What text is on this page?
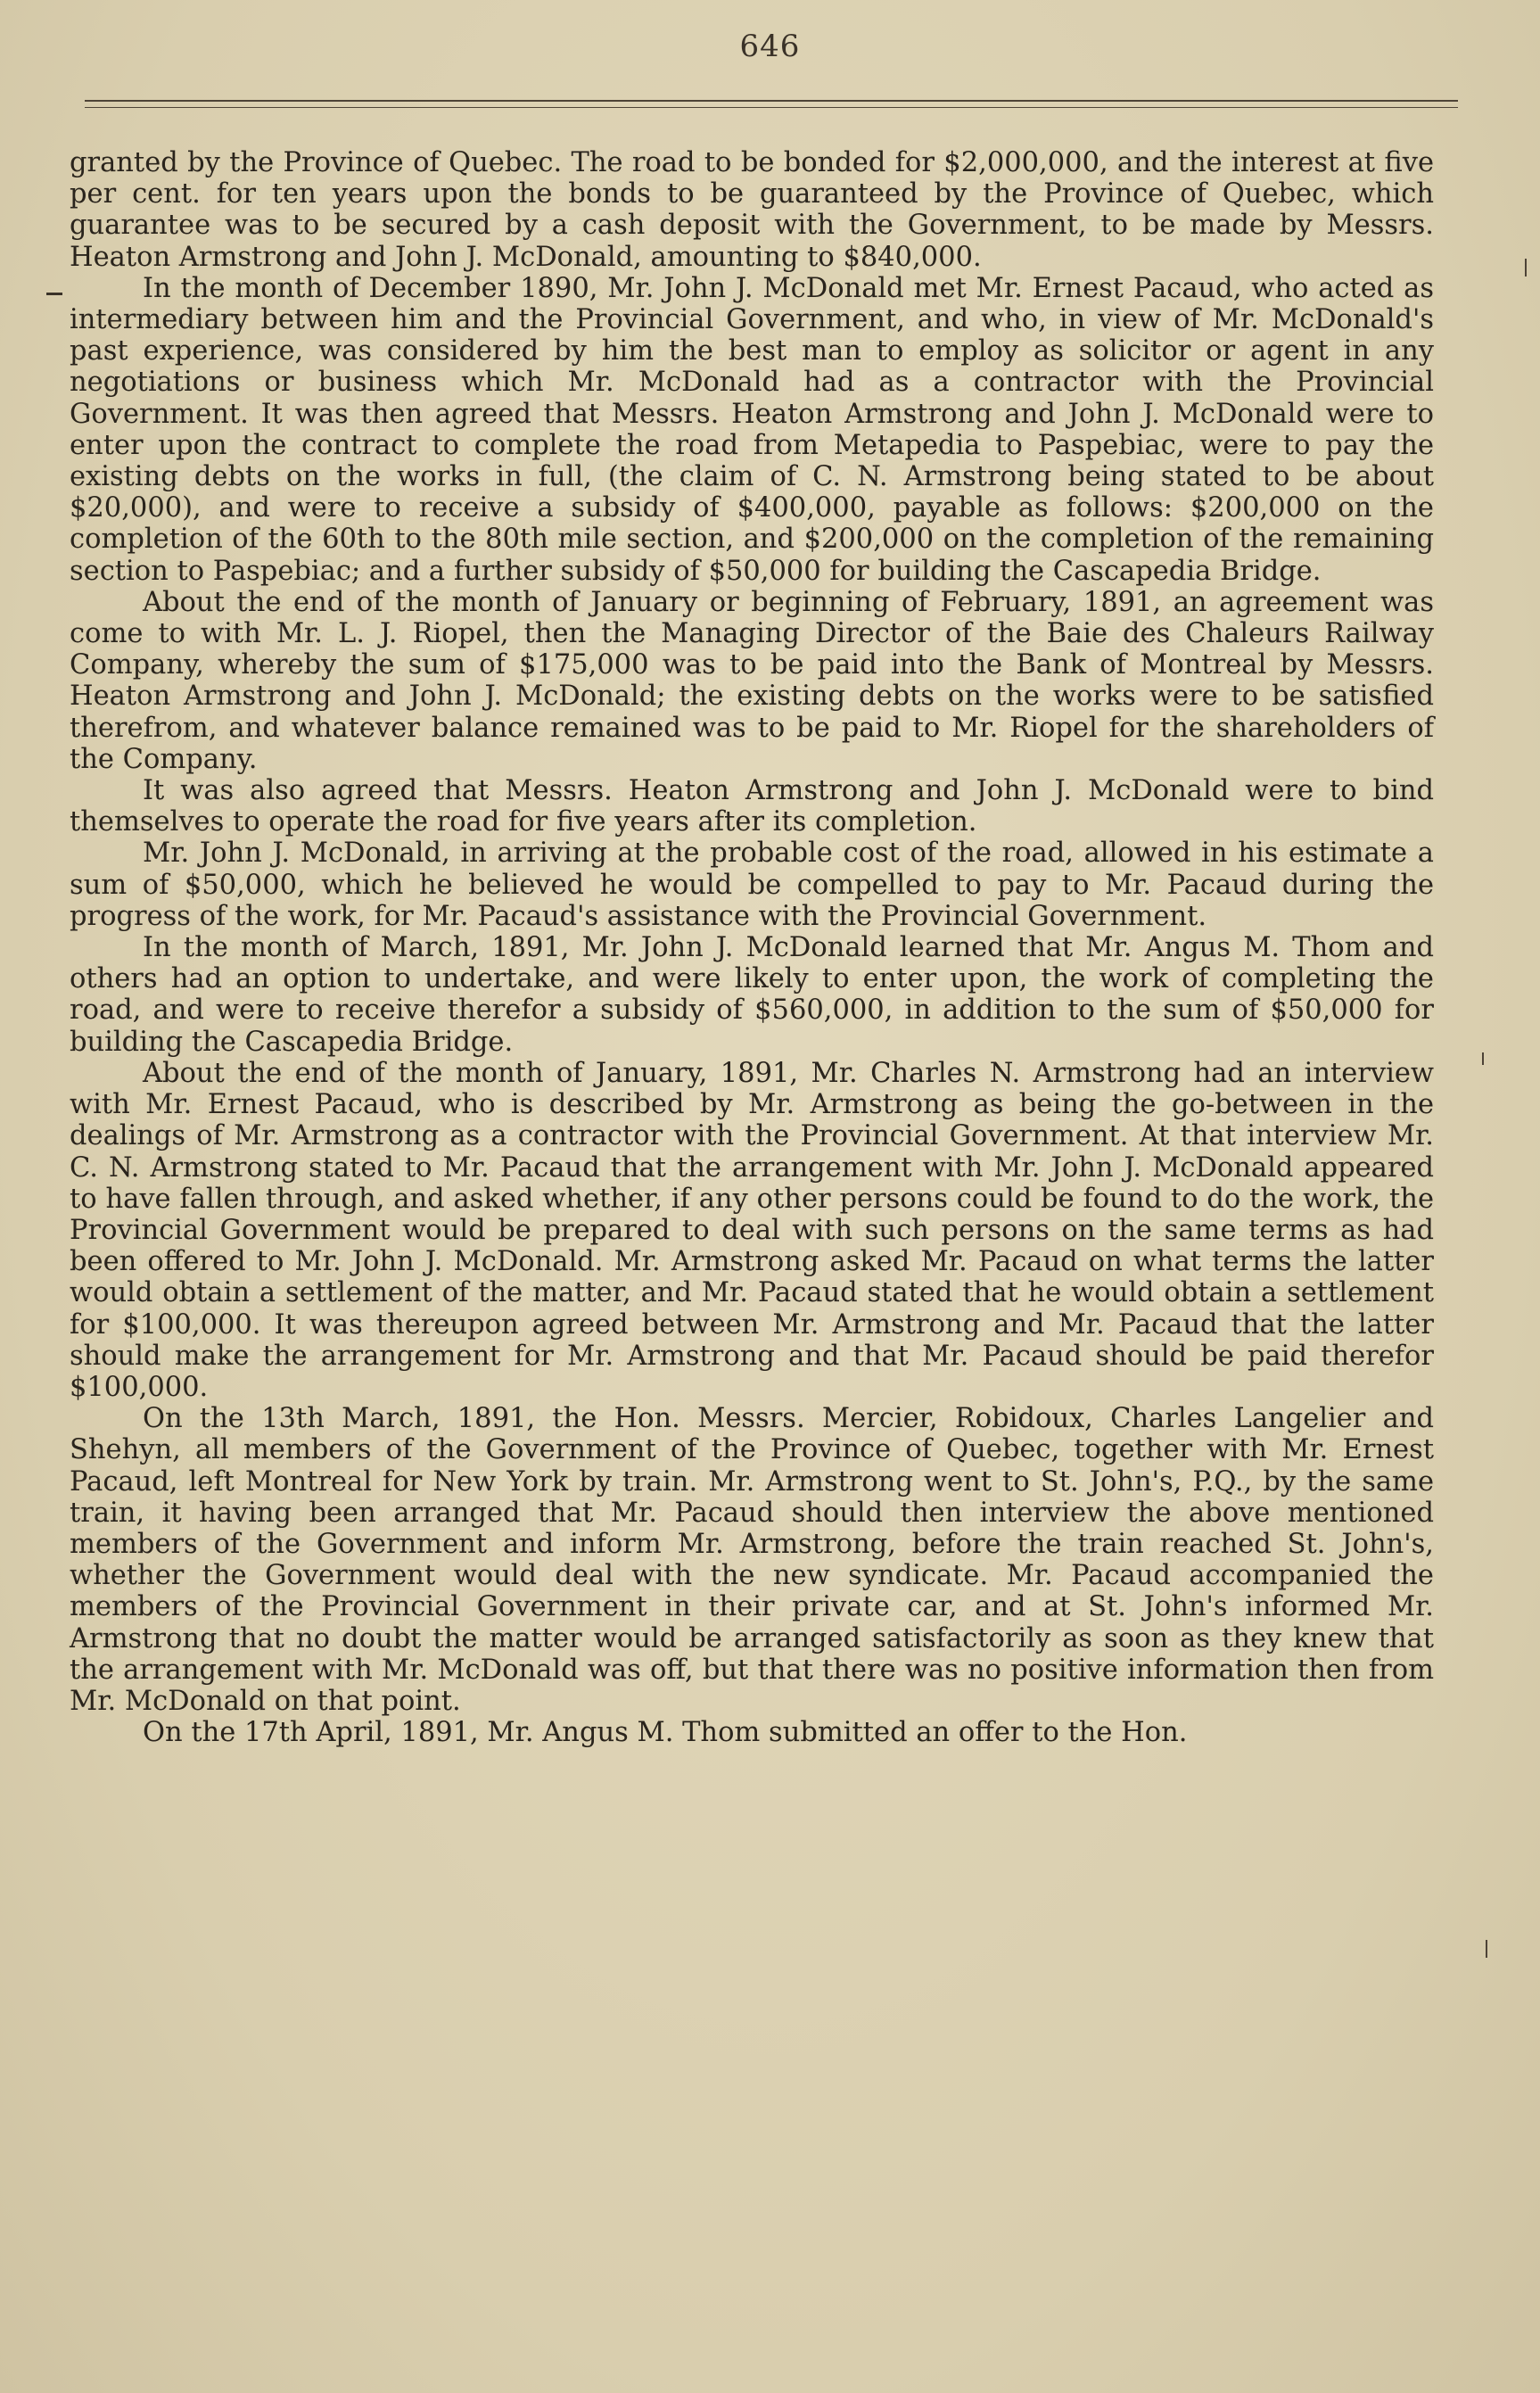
646

granted by the Province of Quebec. The road to be bonded for $2,000,000, and the interest at five per cent. for ten years upon the bonds to be guaranteed by the Province of Quebec, which guarantee was to be secured by a cash deposit with the Government, to be made by Messrs. Heaton Armstrong and John J. McDonald, amounting to $840,000.

In the month of December 1890, Mr. John J. McDonald met Mr. Ernest Pacaud, who acted as intermediary between him and the Provincial Government, and who, in view of Mr. McDonald's past experience, was considered by him the best man to employ as solicitor or agent in any negotiations or business which Mr. McDonald had as a contractor with the Provincial Government. It was then agreed that Messrs. Heaton Armstrong and John J. McDonald were to enter upon the contract to complete the road from Metapedia to Paspebiac, were to pay the existing debts on the works in full, (the claim of C. N. Armstrong being stated to be about $20,000), and were to receive a subsidy of $400,000, payable as follows: $200,000 on the completion of the 60th to the 80th mile section, and $200,000 on the completion of the remaining section to Paspebiac; and a further subsidy of $50,000 for building the Cascapedia Bridge.

About the end of the month of January or beginning of February, 1891, an agreement was come to with Mr. L. J. Riopel, then the Managing Director of the Baie des Chaleurs Railway Company, whereby the sum of $175,000 was to be paid into the Bank of Montreal by Messrs. Heaton Armstrong and John J. McDonald; the existing debts on the works were to be satisfied therefrom, and whatever balance remained was to be paid to Mr. Riopel for the shareholders of the Company.

It was also agreed that Messrs. Heaton Armstrong and John J. McDonald were to bind themselves to operate the road for five years after its completion.

Mr. John J. McDonald, in arriving at the probable cost of the road, allowed in his estimate a sum of $50,000, which he believed he would be compelled to pay to Mr. Pacaud during the progress of the work, for Mr. Pacaud's assistance with the Provincial Government.

In the month of March, 1891, Mr. John J. McDonald learned that Mr. Angus M. Thom and others had an option to undertake, and were likely to enter upon, the work of completing the road, and were to receive therefor a subsidy of $560,000, in addition to the sum of $50,000 for building the Cascapedia Bridge.

About the end of the month of January, 1891, Mr. Charles N. Armstrong had an interview with Mr. Ernest Pacaud, who is described by Mr. Armstrong as being the go-between in the dealings of Mr. Armstrong as a contractor with the Provincial Government. At that interview Mr. C. N. Armstrong stated to Mr. Pacaud that the arrangement with Mr. John J. McDonald appeared to have fallen through, and asked whether, if any other persons could be found to do the work, the Provincial Government would be prepared to deal with such persons on the same terms as had been offered to Mr. John J. McDonald. Mr. Armstrong asked Mr. Pacaud on what terms the latter would obtain a settlement of the matter, and Mr. Pacaud stated that he would obtain a settlement for $100,000. It was thereupon agreed between Mr. Armstrong and Mr. Pacaud that the latter should make the arrangement for Mr. Armstrong and that Mr. Pacaud should be paid therefor $100,000.

On the 13th March, 1891, the Hon. Messrs. Mercier, Robidoux, Charles Langelier and Shehyn, all members of the Government of the Province of Quebec, together with Mr. Ernest Pacaud, left Montreal for New York by train. Mr. Armstrong went to St. John's, P.Q., by the same train, it having been arranged that Mr. Pacaud should then interview the above mentioned members of the Government and inform Mr. Armstrong, before the train reached St. John's, whether the Government would deal with the new syndicate. Mr. Pacaud accompanied the members of the Provincial Government in their private car, and at St. John's informed Mr. Armstrong that no doubt the matter would be arranged satisfactorily as soon as they knew that the arrangement with Mr. McDonald was off, but that there was no positive information then from Mr. McDonald on that point.

On the 17th April, 1891, Mr. Angus M. Thom submitted an offer to the Hon.
